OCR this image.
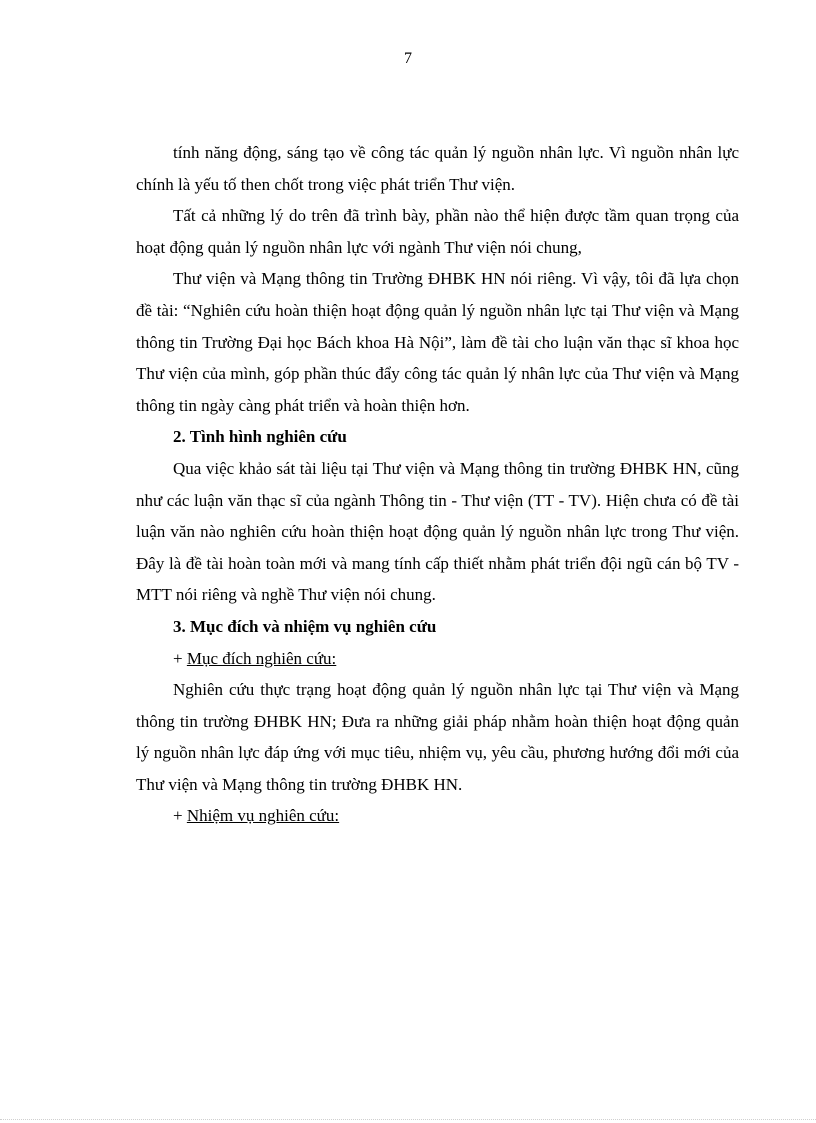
7

tính năng động, sáng tạo về công tác quản lý nguồn nhân lực. Vì nguồn nhân lực chính là yếu tố then chốt trong việc phát triển Thư viện.

Tất cả những lý do trên đã trình bày, phần nào thể hiện được tầm quan trọng của hoạt động quản lý nguồn nhân lực với ngành Thư viện nói chung,

Thư viện và Mạng thông tin Trường ĐHBK HN nói riêng. Vì vậy, tôi đã lựa chọn đề tài: “Nghiên cứu hoàn thiện hoạt động quản lý nguồn nhân lực tại Thư viện và Mạng thông tin Trường Đại học Bách khoa Hà Nội”, làm đề tài cho luận văn thạc sĩ khoa học Thư viện của mình, góp phần thúc đẩy công tác quản lý nhân lực của Thư viện và Mạng thông tin ngày càng phát triển và hoàn thiện hơn.

2. Tình hình nghiên cứu

Qua việc khảo sát tài liệu tại Thư viện và Mạng thông tin trường ĐHBK HN, cũng như các luận văn thạc sĩ của ngành Thông tin - Thư viện (TT - TV). Hiện chưa có đề tài luận văn nào nghiên cứu hoàn thiện hoạt động quản lý nguồn nhân lực trong Thư viện. Đây là đề tài hoàn toàn mới và mang tính cấp thiết nhằm phát triển đội ngũ cán bộ TV - MTT nói riêng và nghề Thư viện nói chung.

3. Mục đích và nhiệm vụ nghiên cứu

+ Mục đích nghiên cứu:

Nghiên cứu thực trạng hoạt động quản lý nguồn nhân lực tại Thư viện và Mạng thông tin trường ĐHBK HN; Đưa ra những giải pháp nhằm hoàn thiện hoạt động quản lý nguồn nhân lực đáp ứng với mục tiêu, nhiệm vụ, yêu cầu, phương hướng đổi mới của Thư viện và Mạng thông tin trường ĐHBK HN.

+ Nhiệm vụ nghiên cứu:
